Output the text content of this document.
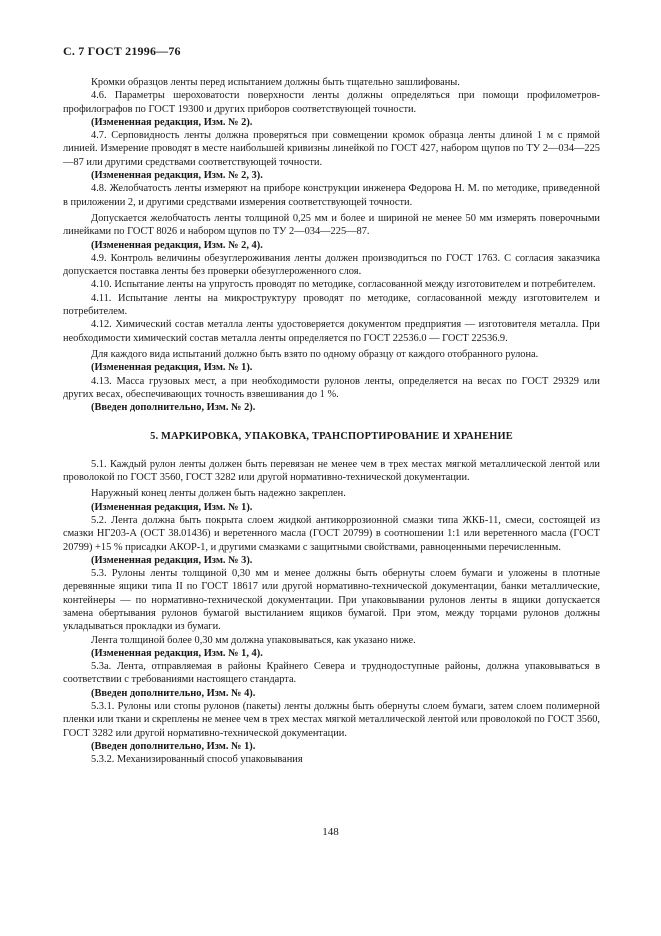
С. 7 ГОСТ 21996—76

Кромки образцов ленты перед испытанием должны быть тщательно зашлифованы.

4.6. Параметры шероховатости поверхности ленты должны определяться при помощи профилометров-профилографов по ГОСТ 19300 и других приборов соответствующей точности.

(Измененная редакция, Изм. № 2).

4.7. Серповидность ленты должна проверяться при совмещении кромок образца ленты длиной 1 м с прямой линией. Измерение проводят в месте наибольшей кривизны линейкой по ГОСТ 427, набором щупов по ТУ 2—034—225—87 или другими средствами соответствующей точности.

(Измененная редакция, Изм. № 2, 3).

4.8. Желобчатость ленты измеряют на приборе конструкции инженера Федорова Н. М. по методике, приведенной в приложении 2, и другими средствами измерения соответствующей точности.

Допускается желобчатость ленты толщиной 0,25 мм и более и шириной не менее 50 мм измерять поверочными линейками по ГОСТ 8026 и набором щупов по ТУ 2—034—225—87.

(Измененная редакция, Изм. № 2, 4).

4.9. Контроль величины обезуглероживания ленты должен производиться по ГОСТ 1763. С согласия заказчика допускается поставка ленты без проверки обезуглероженного слоя.

4.10. Испытание ленты на упругость проводят по методике, согласованной между изготовителем и потребителем.

4.11. Испытание ленты на микроструктуру проводят по методике, согласованной между изготовителем и потребителем.

4.12. Химический состав металла ленты удостоверяется документом предприятия — изготовителя металла. При необходимости химический состав металла ленты определяется по ГОСТ 22536.0 — ГОСТ 22536.9.

Для каждого вида испытаний должно быть взято по одному образцу от каждого отобранного рулона.

(Измененная редакция, Изм. № 1).

4.13. Масса грузовых мест, а при необходимости рулонов ленты, определяется на весах по ГОСТ 29329 или других весах, обеспечивающих точность взвешивания до 1 %.

(Введен дополнительно, Изм. № 2).

5. МАРКИРОВКА, УПАКОВКА, ТРАНСПОРТИРОВАНИЕ И ХРАНЕНИЕ

5.1. Каждый рулон ленты должен быть перевязан не менее чем в трех местах мягкой металлической лентой или проволокой по ГОСТ 3560, ГОСТ 3282 или другой нормативно-технической документации.

Наружный конец ленты должен быть надежно закреплен.

(Измененная редакция, Изм. № 1).

5.2. Лента должна быть покрыта слоем жидкой антикоррозионной смазки типа ЖКБ-11, смеси, состоящей из смазки НГ203-А (ОСТ 38.01436) и веретенного масла (ГОСТ 20799) в соотношении 1:1 или веретенного масла (ГОСТ 20799) +15 % присадки АКОР-1, и другими смазками с защитными свойствами, равноценными перечисленным.

(Измененная редакция, Изм. № 3).

5.3. Рулоны ленты толщиной 0,30 мм и менее должны быть обернуты слоем бумаги и уложены в плотные деревянные ящики типа II по ГОСТ 18617 или другой нормативно-технической документации, банки металлические, контейнеры — по нормативно-технической документации. При упаковывании рулонов ленты в ящики допускается замена обертывания рулонов бумагой выстиланием ящиков бумагой. При этом, между торцами рулонов должны укладываться прокладки из бумаги.

Лента толщиной более 0,30 мм должна упаковываться, как указано ниже.

(Измененная редакция, Изм. № 1, 4).

5.3а. Лента, отправляемая в районы Крайнего Севера и труднодоступные районы, должна упаковываться в соответствии с требованиями настоящего стандарта.

(Введен дополнительно, Изм. № 4).

5.3.1. Рулоны или стопы рулонов (пакеты) ленты должны быть обернуты слоем бумаги, затем слоем полимерной пленки или ткани и скреплены не менее чем в трех местах мягкой металлической лентой или проволокой по ГОСТ 3560, ГОСТ 3282 или другой нормативно-технической документации.

(Введен дополнительно, Изм. № 1).

5.3.2. Механизированный способ упаковывания

148
